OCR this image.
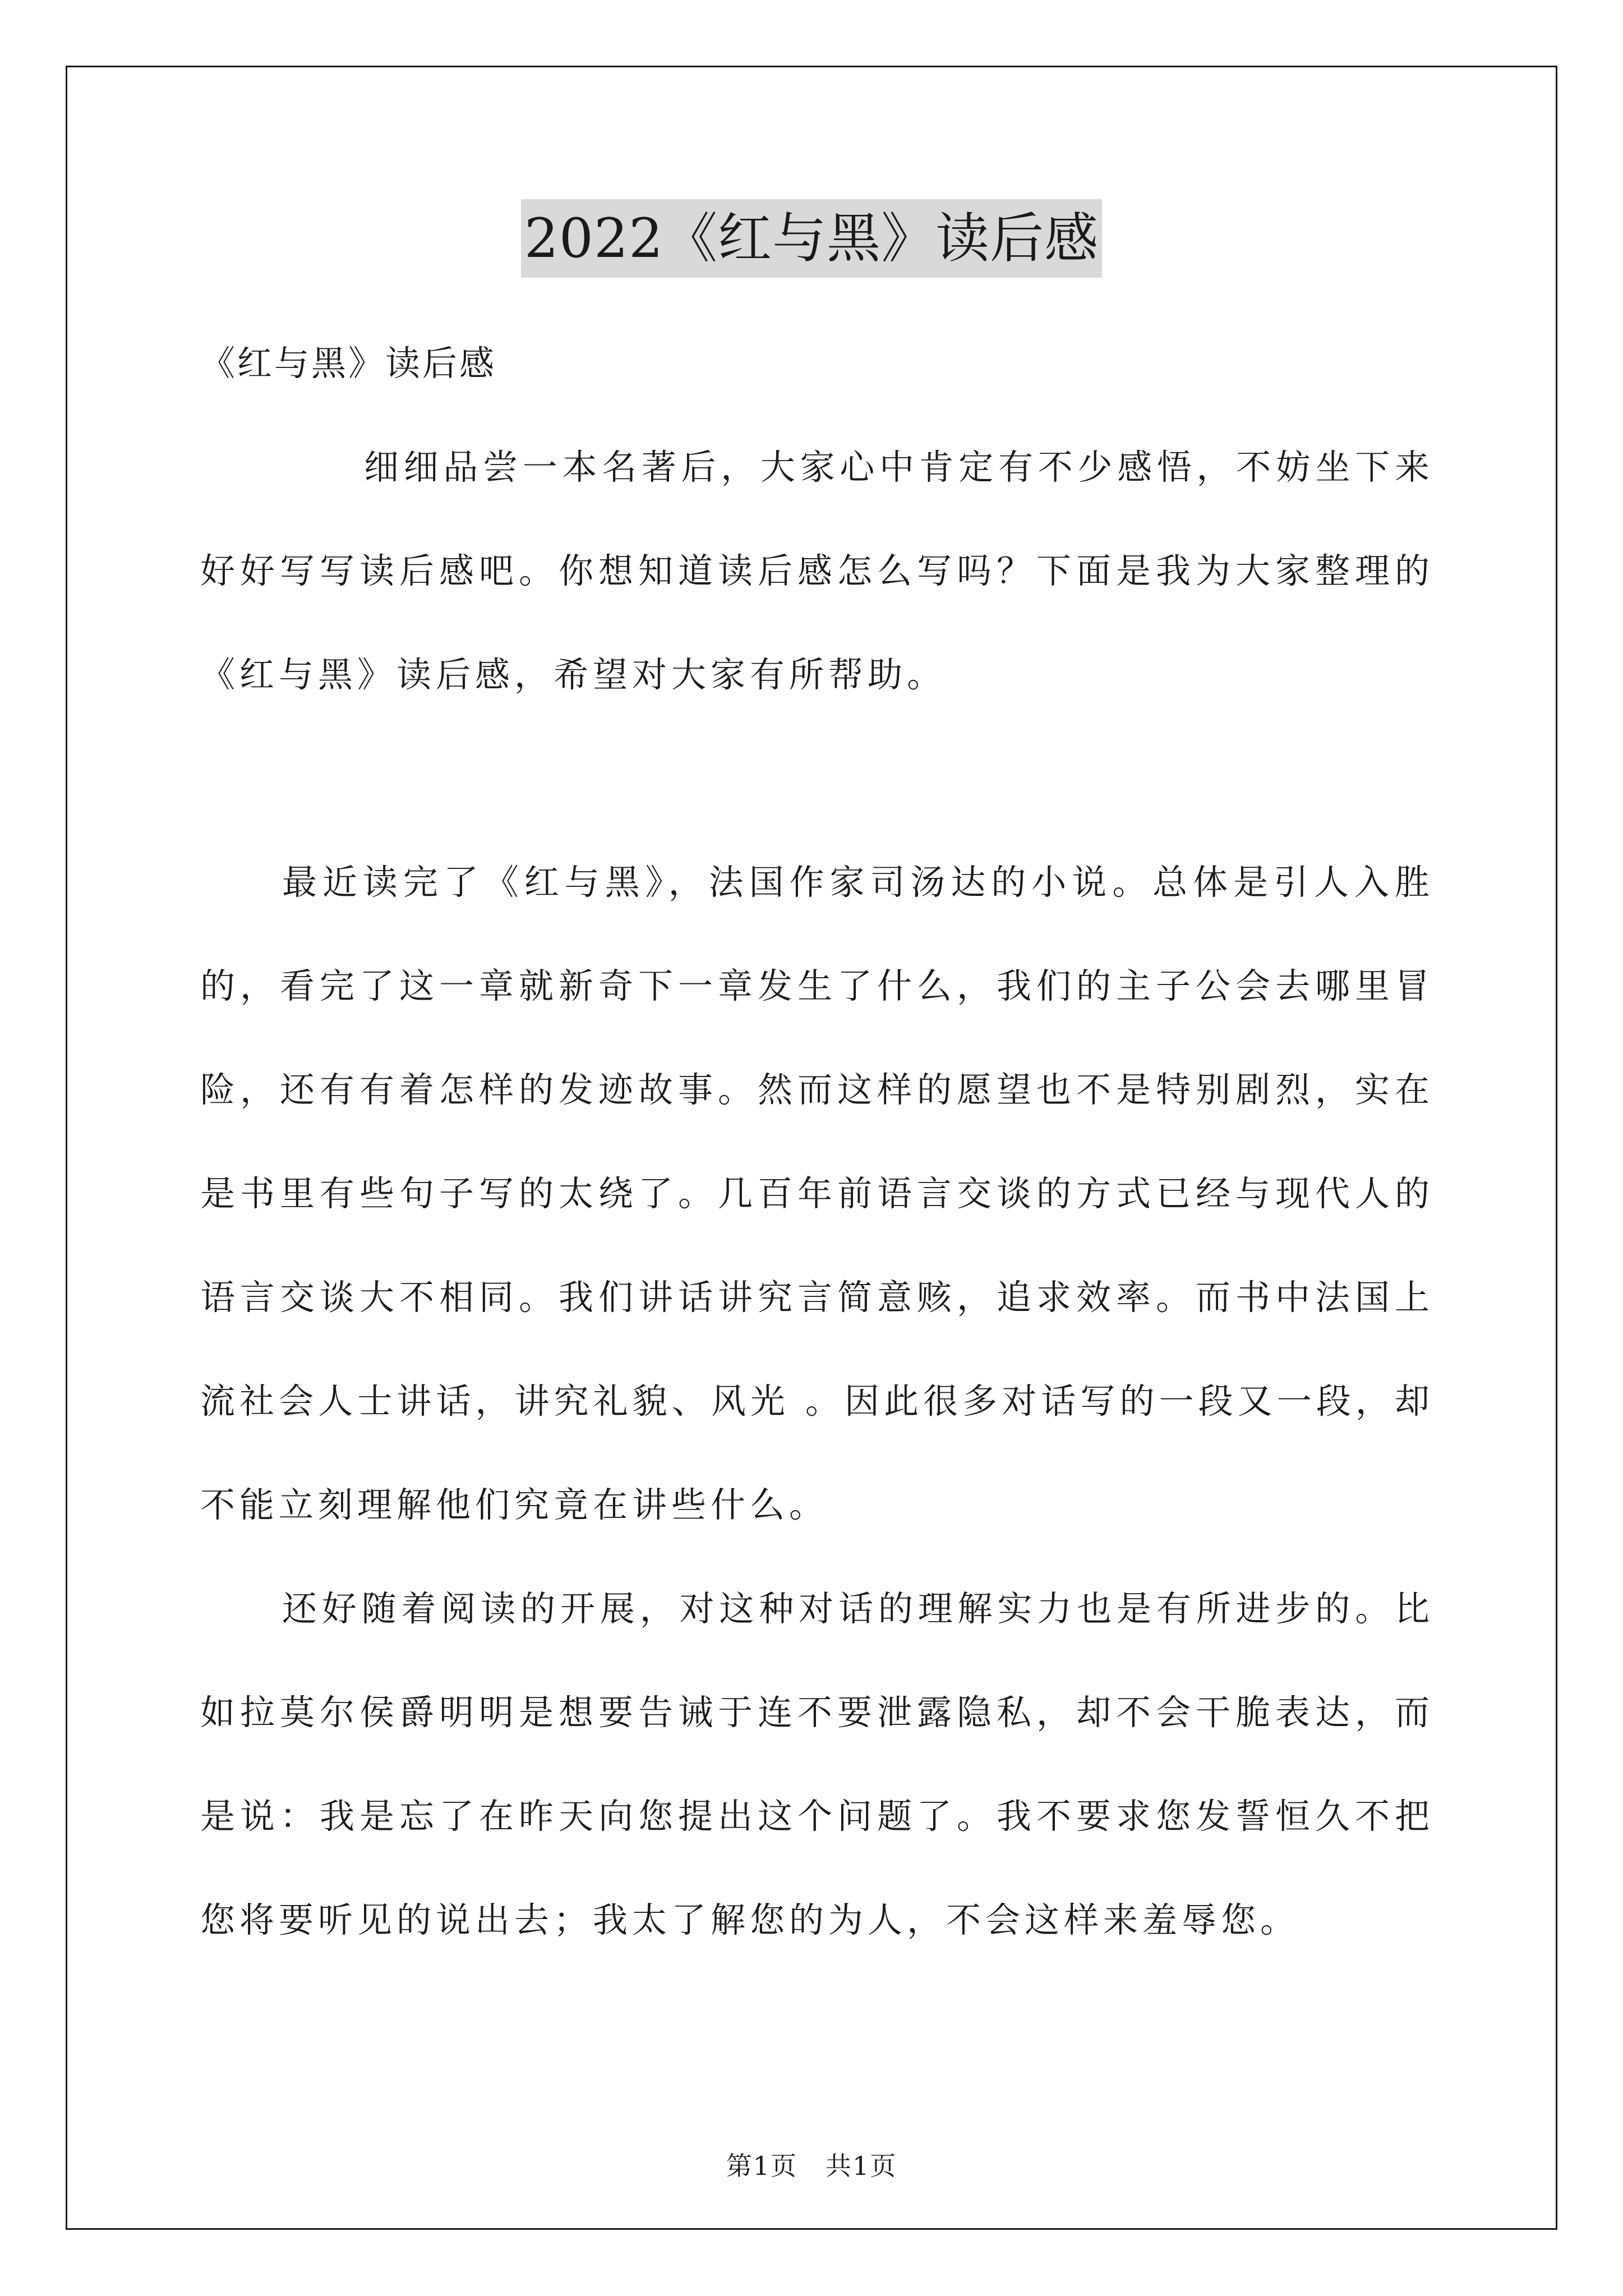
2022《红与黑》读后感

《红与黑》读后感

细细品尝一本名著后，大家心中肯定有不少感悟，不妨坐下来好好写写读后感吧。你想知道读后感怎么写吗？下面是我为大家整理的《红与黑》读后感，希望对大家有所帮助。

最近读完了《红与黑》，法国作家司汤达的小说。总体是引人入胜的，看完了这一章就新奇下一章发生了什么，我们的主子公会去哪里冒险，还有有着怎样的发迹故事。然而这样的愿望也不是特别剧烈，实在是书里有些句子写的太绕了。几百年前语言交谈的方式已经与现代人的语言交谈大不相同。我们讲话讲究言简意赅，追求效率。而书中法国上流社会人士讲话，讲究礼貌、风光 。因此很多对话写的一段又一段，却不能立刻理解他们究竟在讲些什么。

还好随着阅读的开展，对这种对话的理解实力也是有所进步的。比如拉莫尔侯爵明明是想要告诫于连不要泄露隐私，却不会干脆表达，而是说：我是忘了在昨天向您提出这个问题了。我不要求您发誓恒久不把您将要听见的说出去；我太了解您的为人，不会这样来羞辱您。

第1页 共1页
